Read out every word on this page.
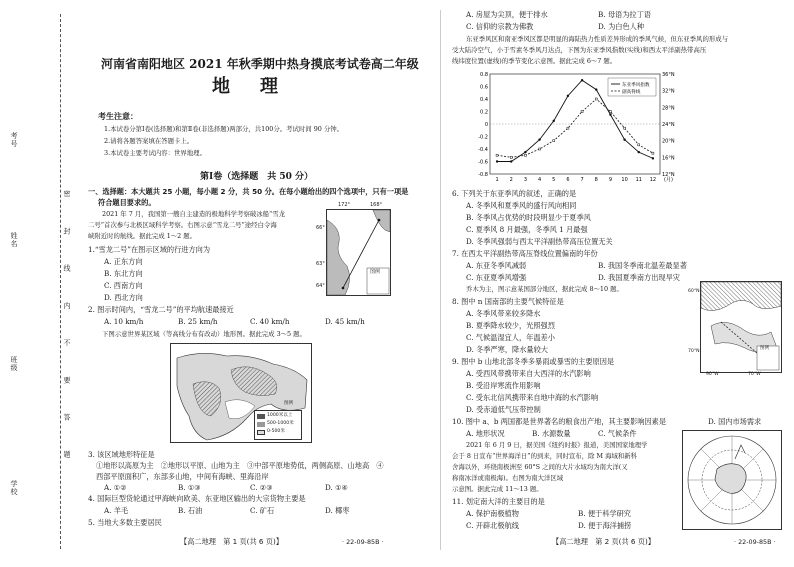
考号
姓名
班级
学校
密 封 线 内 不 要 答 题
河南省南阳地区 2021 年秋季期中热身摸底考试卷高二年级
地　理
考生注意：
1.本试卷分第Ⅰ卷(选择题)和第Ⅱ卷(非选择题)两部分，共100分。考试时间 90 分钟。
2.请将各题答案填在答题卡上。
3.本试卷主要考试内容：世界地理。
第Ⅰ卷（选择题　共 50 分）
一、选择题：本大题共 25 小题，每小题 2 分，共 50 分。在每小题给出的四个选项中，只有一项是
符合题目要求的。
2021 年 7 月，我国第一艘自主建造的极地科学考察破冰船“雪龙
二号”首次参与北极区域科学考察。右图示意“雪龙二号”途经白令海
峡附近时的航线。据此完成 1～2 题。
172°	168°
66°
63°
64°
图例
1.“雪龙二号”在图示区域的行进方向为
A. 正东方向
B. 东北方向
C. 西南方向
D. 西北方向
2. 图示时间内，“雪龙二号”的平均航速最接近
A. 10 km/h	B. 25 km/h	C. 40 km/h	D. 45 km/h
下图示意世界某区域（等高线分布有改动）地形图。据此完成 3～5 题。
1000米以上
500-1000米
0-500米
图例
3. 该区域地形特征是
①地形以高原为主　②地形以平原、山地为主　③中部平原地势低，两侧高原、山地高　④
西部平原面积广，东部多山地，中间有海峡、里海沿岸
A. ①②	B. ①③	C. ②③	D. ①④
4. 国际巨型货轮通过甲海峡向欧美、东亚地区输出的大宗货物主要是
A. 羊毛	B. 石油	C. 矿石	D. 椰枣
5. 当地大多数主要居民
【高二地理　第 1 页(共 6 页)】	· 22-09-85B ·
A. 房屋为尖顶，便于排水	B. 母语为拉丁语
C. 信仰的宗教为佛教	D. 为白色人种
东亚季风区和南亚季风区都是明显的海陆热力性质差异形成的季风气候，但东亚季风的形成与
受大陆冷空气，小于雪素冬季风月达点，下图为东亚季风指数(实线)和西太平洋副热带高压
线纬度位置(虚线)的季节变化示意图。据此完成 6～7 题。
0.8
0.6
0.4
0.2
0
-0.2
-0.4
-0.6
-0.8
36°N
32°N
28°N
24°N
20°N
16°N
12°N
1 2 3 4 5 6 7 8 9 10 11 12 (月)
东亚季风指数
副高脊线
6. 下列关于东亚季风的叙述，正确的是
A. 冬季风和夏季风的盛行风向相同
B. 冬季风占优势的时段明显少于夏季风
C. 夏季风 8 月最强，冬季风 1 月最强
D. 冬季风强弱与西太平洋副热带高压位置无关
7. 在西太平洋副热带高压脊线位置偏南的年份
A. 东亚冬季风减弱	B. 我国冬季南北温差最显著
C. 东亚夏季风增强	D. 我国夏季南方出现旱灾
乔木为主，图示意某国部分地区，据此完成 8～10 题。	60°N
70°N
90°W	70°W
图例
8. 图中 n 国南部的主要气候特征是
A. 冬季风带来较多降水
B. 夏季降水较少，光照强烈
C. 气候温湿宜人，年温差小
D. 冬季严寒，降水量较大
9. 图中 b 山地北部冬季多暴雨或暴雪的主要原因是
A. 受西风带携带来自大西洋的水汽影响
B. 受沿岸寒流作用影响
C. 受东北信风携带来自地中海的水汽影响
D. 受赤道低气压带控制
10. 图中 a、b 两国都是世界著名的粮食出产地，其主要影响因素是
A. 地形状况	B. 水源数量	C. 气候条件
D. 国内市场需求
2021 年 6 月 9 日，据美国《纽约时报》报道，美国国家地理学
会于 8 日宣布“世界海洋日”的到来，同时宣布，除 M 海域和新科
舍海以外，环绕南极洲至 60°S 之间的大片水域均为南大洋(又
称南冰洋或南极海)。右图为南大洋区域
示意图。据此完成 11～13 题。
11. 划定南大洋的主要目的是
A. 保护南极植物	B. 便于科学研究
C. 开辟北极航线	D. 便于海洋捕捞
【高二地理　第 2 页(共 6 页)】	· 22-09-85B ·
